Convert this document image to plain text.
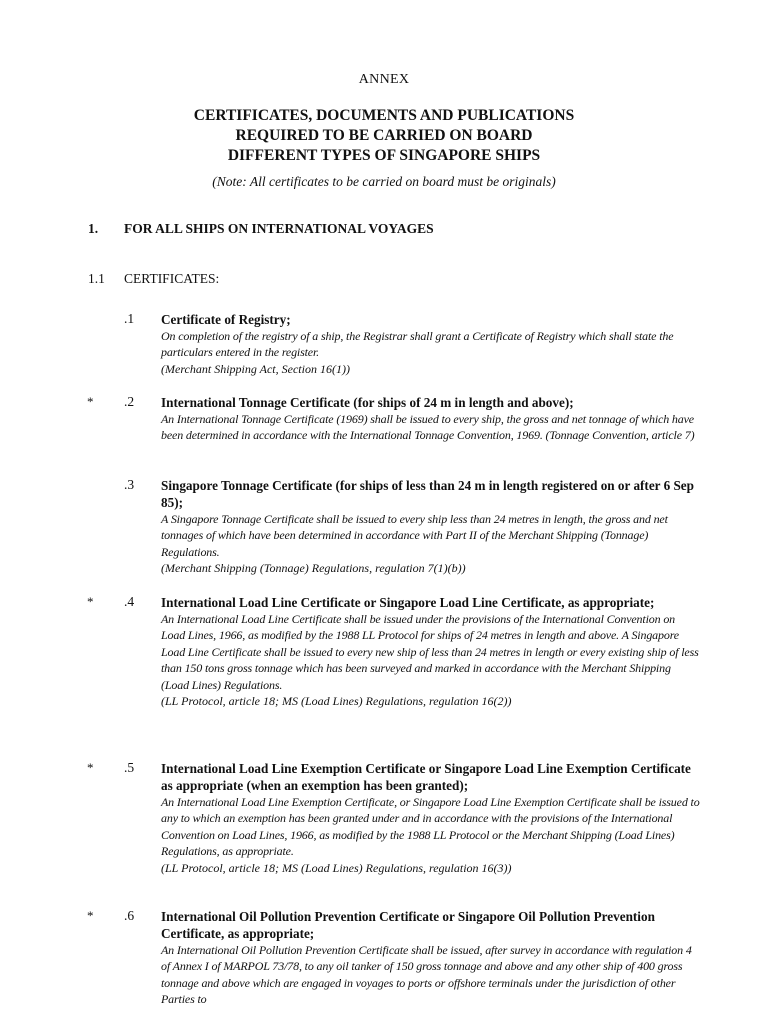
ANNEX
CERTIFICATES, DOCUMENTS AND PUBLICATIONS
REQUIRED TO BE CARRIED ON BOARD
DIFFERENT TYPES OF SINGAPORE SHIPS
(Note: All certificates to be carried on board must be originals)
1. FOR ALL SHIPS ON INTERNATIONAL VOYAGES
1.1 CERTIFICATES:
.1 Certificate of Registry;
On completion of the registry of a ship, the Registrar shall grant a Certificate of Registry which shall state the particulars entered in the register.
(Merchant Shipping Act, Section 16(1))
* .2 International Tonnage Certificate (for ships of 24 m in length and above);
An International Tonnage Certificate (1969) shall be issued to every ship, the gross and net tonnage of which have been determined in accordance with the International Tonnage Convention, 1969. (Tonnage Convention, article 7)
.3 Singapore Tonnage Certificate (for ships of less than 24 m in length registered on or after 6 Sep 85);
A Singapore Tonnage Certificate shall be issued to every ship less than 24 metres in length, the gross and net tonnages of which have been determined in accordance with Part II of the Merchant Shipping (Tonnage) Regulations.
(Merchant Shipping (Tonnage) Regulations, regulation 7(1)(b))
* .4 International Load Line Certificate or Singapore Load Line Certificate, as appropriate;
An International Load Line Certificate shall be issued under the provisions of the International Convention on Load Lines, 1966, as modified by the 1988 LL Protocol for ships of 24 metres in length and above. A Singapore Load Line Certificate shall be issued to every new ship of less than 24 metres in length or every existing ship of less than 150 tons gross tonnage which has been surveyed and marked in accordance with the Merchant Shipping (Load Lines) Regulations.
(LL Protocol, article 18; MS (Load Lines) Regulations, regulation 16(2))
* .5 International Load Line Exemption Certificate or Singapore Load Line Exemption Certificate as appropriate (when an exemption has been granted);
An International Load Line Exemption Certificate, or Singapore Load Line Exemption Certificate shall be issued to any to which an exemption has been granted under and in accordance with the provisions of the International Convention on Load Lines, 1966, as modified by the 1988 LL Protocol or the Merchant Shipping (Load Lines) Regulations, as appropriate.
(LL Protocol, article 18; MS (Load Lines) Regulations, regulation 16(3))
* .6 International Oil Pollution Prevention Certificate or Singapore Oil Pollution Prevention Certificate, as appropriate;
An International Oil Pollution Prevention Certificate shall be issued, after survey in accordance with regulation 4 of Annex I of MARPOL 73/78, to any oil tanker of 150 gross tonnage and above and any other ship of 400 gross tonnage and above which are engaged in voyages to ports or offshore terminals under the jurisdiction of other Parties to
